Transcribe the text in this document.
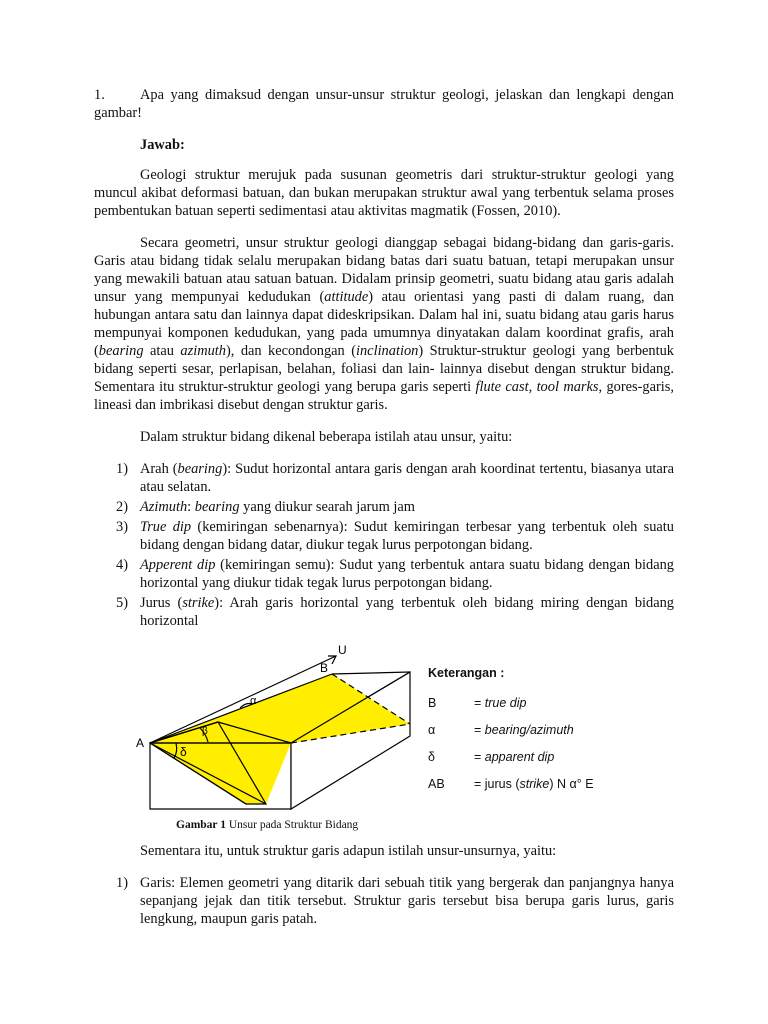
1. Apa yang dimaksud dengan unsur-unsur struktur geologi, jelaskan dan lengkapi dengan gambar!

Jawab:

Geologi struktur merujuk pada susunan geometris dari struktur-struktur geologi yang muncul akibat deformasi batuan, dan bukan merupakan struktur awal yang terbentuk selama proses pembentukan batuan seperti sedimentasi atau aktivitas magmatik (Fossen, 2010).

Secara geometri, unsur struktur geologi dianggap sebagai bidang-bidang dan garis-garis. Garis atau bidang tidak selalu merupakan bidang batas dari suatu batuan, tetapi merupakan unsur yang mewakili batuan atau satuan batuan. Didalam prinsip geometri, suatu bidang atau garis adalah unsur yang mempunyai kedudukan (attitude) atau orientasi yang pasti di dalam ruang, dan hubungan antara satu dan lainnya dapat dideskripsikan. Dalam hal ini, suatu bidang atau garis harus mempunyai komponen kedudukan, yang pada umumnya dinyatakan dalam koordinat grafis, arah (bearing atau azimuth), dan kecondongan (inclination) Struktur-struktur geologi yang berbentuk bidang seperti sesar, perlapisan, belahan, foliasi dan lain- lainnya disebut dengan struktur bidang. Sementara itu struktur-struktur geologi yang berupa garis seperti flute cast, tool marks, gores-garis, lineasi dan imbrikasi disebut dengan struktur garis.

Dalam struktur bidang dikenal beberapa istilah atau unsur, yaitu:

1) Arah (bearing): Sudut horizontal antara garis dengan arah koordinat tertentu, biasanya utara atau selatan.
2) Azimuth: bearing yang diukur searah jarum jam
3) True dip (kemiringan sebenarnya): Sudut kemiringan terbesar yang terbentuk oleh suatu bidang dengan bidang datar, diukur tegak lurus perpotongan bidang.
4) Apperent dip (kemiringan semu): Sudut yang terbentuk antara suatu bidang dengan bidang horizontal yang diukur tidak tegak lurus perpotongan bidang.
5) Jurus (strike): Arah garis horizontal yang terbentuk oleh bidang miring dengan bidang horizontal
A
B
U
α
β
δ
Keterangan :
B	= true dip
α	= bearing/azimuth
δ	= apparent dip
AB = jurus (strike) N α° E
Gambar 1 Unsur pada Struktur Bidang

Sementara itu, untuk struktur garis adapun istilah unsur-unsurnya, yaitu:

1) Garis: Elemen geometri yang ditarik dari sebuah titik yang bergerak dan panjangnya hanya sepanjang jejak dan titik tersebut. Struktur garis tersebut bisa berupa garis lurus, garis lengkung, maupun garis patah.
